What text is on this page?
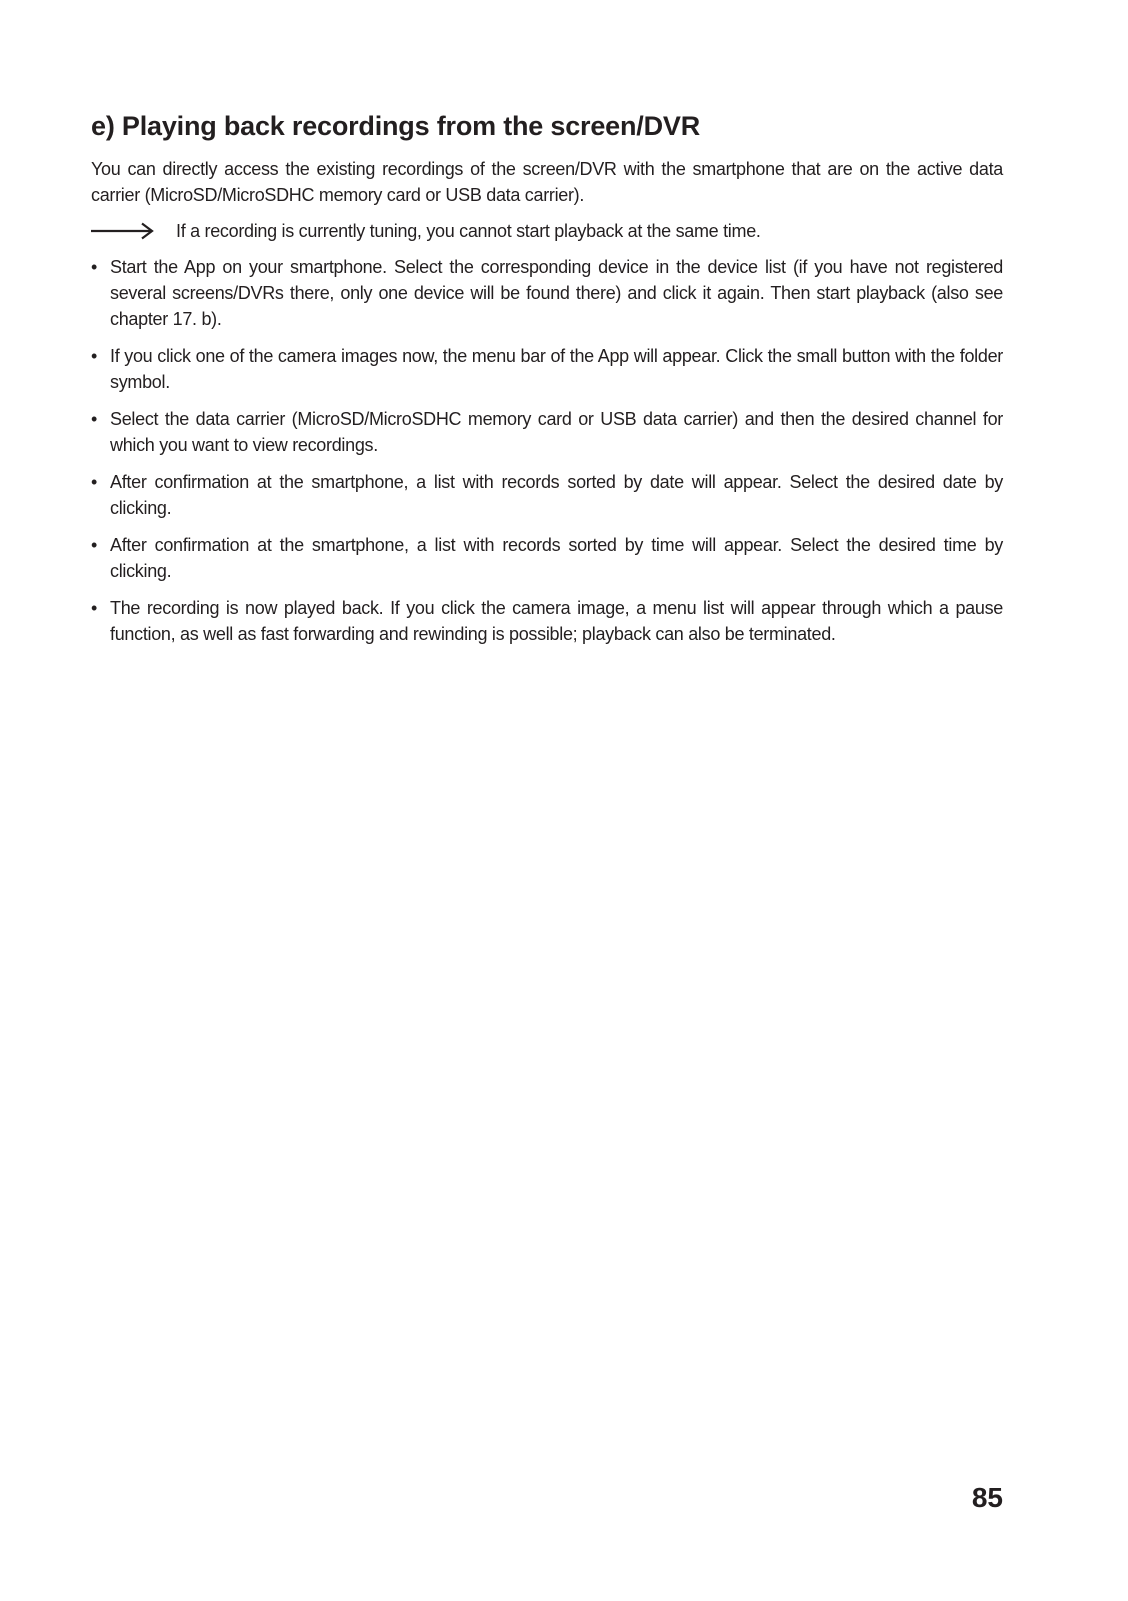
e) Playing back recordings from the screen/DVR

You can directly access the existing recordings of the screen/DVR with the smartphone that are on the active data carrier (MicroSD/MicroSDHC memory card or USB data carrier).

If a recording is currently tuning, you cannot start playback at the same time.
• Start the App on your smartphone. Select the corresponding device in the device list (if you have not registered several screens/DVRs there, only one device will be found there) and click it again. Then start playback (also see chapter 17. b).
• If you click one of the camera images now, the menu bar of the App will appear. Click the small button with the folder symbol.
• Select the data carrier (MicroSD/MicroSDHC memory card or USB data carrier) and then the desired channel for which you want to view recordings.
• After confirmation at the smartphone, a list with records sorted by date will appear. Select the desired date by clicking.
• After confirmation at the smartphone, a list with records sorted by time will appear. Select the desired time by clicking.
• The recording is now played back. If you click the camera image, a menu list will appear through which a pause function, as well as fast forwarding and rewinding is possible; playback can also be terminated.
85
